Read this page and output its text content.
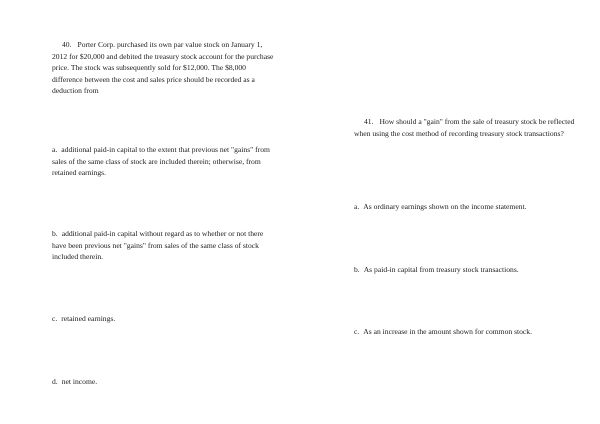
40. Porter Corp. purchased its own par value stock on January 1, 2012 for $20,000 and debited the treasury stock account for the purchase price. The stock was subsequently sold for $12,000. The $8,000 difference between the cost and sales price should be recorded as a deduction from

a. additional paid-in capital to the extent that previous net "gains" from sales of the same class of stock are included therein; otherwise, from retained earnings.

b. additional paid-in capital without regard as to whether or not there have been previous net "gains" from sales of the same class of stock included therein.

c. retained earnings.

d. net income.

41. How should a "gain" from the sale of treasury stock be reflected when using the cost method of recording treasury stock transactions?

a. As ordinary earnings shown on the income statement.

b. As paid-in capital from treasury stock transactions.

c. As an increase in the amount shown for common stock.
